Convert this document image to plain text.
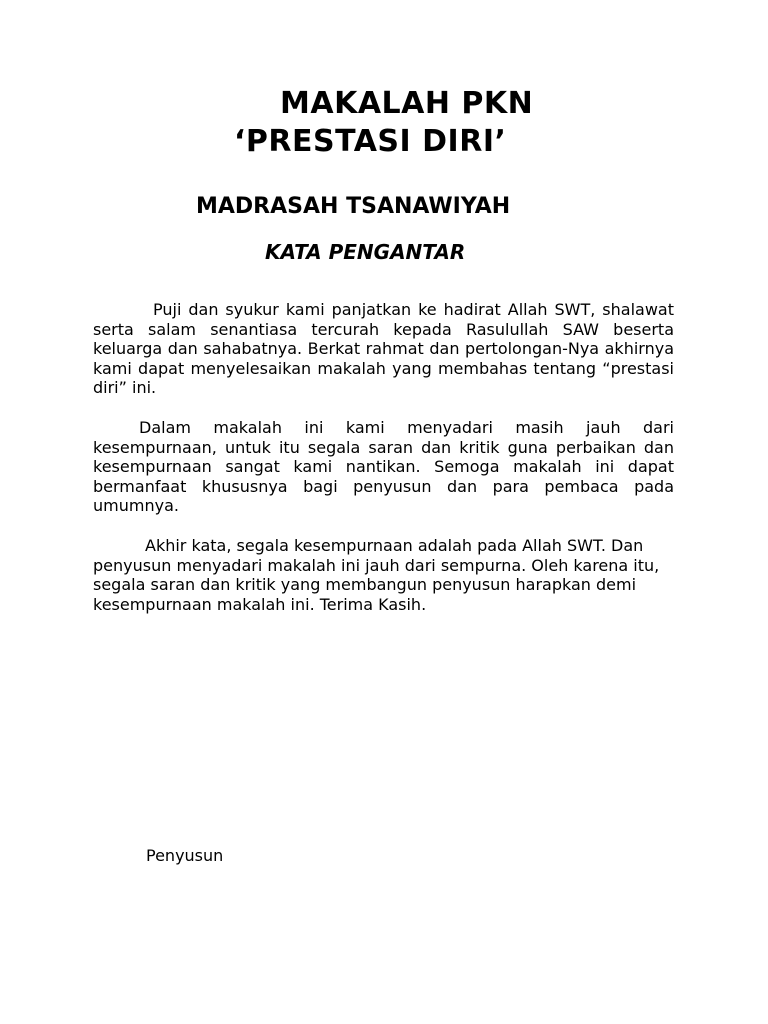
MAKALAH PKN
‘PRESTASI DIRI’
MADRASAH TSANAWIYAH
KATA PENGANTAR

Puji dan syukur kami panjatkan ke hadirat Allah SWT, shalawat serta salam senantiasa tercurah kepada Rasulullah SAW beserta keluarga dan sahabatnya. Berkat rahmat dan pertolongan-Nya akhirnya kami dapat menyelesaikan makalah yang membahas tentang “prestasi diri” ini.

Dalam makalah ini kami menyadari masih jauh dari kesempurnaan, untuk itu segala saran dan kritik guna perbaikan dan kesempurnaan sangat kami nantikan. Semoga makalah ini dapat bermanfaat khususnya bagi penyusun dan para pembaca pada umumnya.

Akhir kata, segala kesempurnaan adalah pada Allah SWT. Dan penyusun menyadari makalah ini jauh dari sempurna. Oleh karena itu, segala saran dan kritik yang membangun penyusun harapkan demi kesempurnaan makalah ini. Terima Kasih.

Penyusun
